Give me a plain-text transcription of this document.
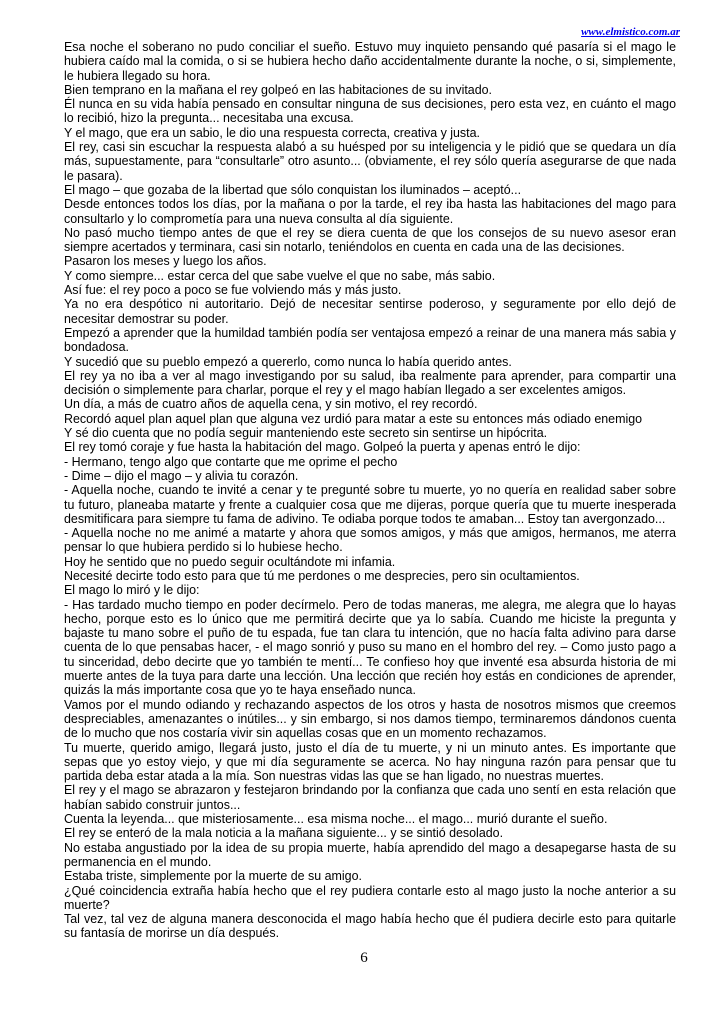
www.elmistico.com.ar

Esa noche el soberano no pudo conciliar el sueño. Estuvo muy inquieto pensando qué pasaría si el mago le hubiera caído mal la comida, o si se hubiera hecho daño accidentalmente durante la noche, o si, simplemente, le hubiera llegado su hora.

Bien temprano en la mañana el rey golpeó en las habitaciones de su invitado.

Él nunca en su vida había pensado en consultar ninguna de sus decisiones, pero esta vez, en cuánto el mago lo recibió, hizo la pregunta... necesitaba una excusa.

Y el mago, que era un sabio, le dio una respuesta correcta, creativa y justa.

El rey, casi sin escuchar la respuesta alabó a su huésped por su inteligencia y le pidió que se quedara un día más, supuestamente, para “consultarle” otro asunto... (obviamente, el rey sólo quería asegurarse de que nada le pasara).

El mago – que gozaba de la libertad que sólo conquistan los iluminados – aceptó...

Desde entonces todos los días, por la mañana o por la tarde, el rey iba hasta las habitaciones del mago para consultarlo y lo comprometía para una nueva consulta al día siguiente.

No pasó mucho tiempo antes de que el rey se diera cuenta de que los consejos de su nuevo asesor eran siempre acertados y terminara, casi sin notarlo, teniéndolos en cuenta en cada una de las decisiones.

Pasaron los meses y luego los años.

Y como siempre... estar cerca del que sabe vuelve el que no sabe, más sabio.

Así fue: el rey poco a poco se fue volviendo más y más justo.

Ya no era despótico ni autoritario. Dejó de necesitar sentirse poderoso, y seguramente por ello dejó de necesitar demostrar su poder.

Empezó a aprender que la humildad también podía ser ventajosa empezó a reinar de una manera más sabia y bondadosa.

Y sucedió que su pueblo empezó a quererlo, como nunca lo había querido antes.

El rey ya no iba a ver al mago investigando por su salud, iba realmente para aprender, para compartir una decisión o simplemente para charlar, porque el rey y el mago habían llegado a ser excelentes amigos.

Un día, a más de cuatro años de aquella cena, y sin motivo, el rey recordó.

Recordó aquel plan aquel plan que alguna vez urdió para matar a este su entonces más odiado enemigo

Y sé dio cuenta que no podía seguir manteniendo este secreto sin sentirse un hipócrita.

El rey tomó coraje y fue hasta la habitación del mago. Golpeó la puerta y apenas entró le dijo:

- Hermano, tengo algo que contarte que me oprime el pecho

- Dime – dijo el mago – y alivia tu corazón.

- Aquella noche, cuando te invité a cenar y te pregunté sobre tu muerte, yo no quería en realidad saber sobre tu futuro, planeaba matarte y frente a cualquier cosa que me dijeras, porque quería que tu muerte inesperada desmitificara para siempre tu fama de adivino. Te odiaba porque todos te amaban... Estoy tan avergonzado...

- Aquella noche no me animé a matarte y ahora que somos amigos, y más que amigos, hermanos, me aterra pensar lo que hubiera perdido si lo hubiese hecho.

Hoy he sentido que no puedo seguir ocultándote mi infamia.

Necesité decirte todo esto para que tú me perdones o me desprecies, pero sin ocultamientos.

El mago lo miró y le dijo:

- Has tardado mucho tiempo en poder decírmelo. Pero de todas maneras, me alegra, me alegra que lo hayas hecho, porque esto es lo único que me permitirá decirte que ya lo sabía. Cuando me hiciste la pregunta y bajaste tu mano sobre el puño de tu espada, fue tan clara tu intención, que no hacía falta adivino para darse cuenta de lo que pensabas hacer, - el mago sonrió y puso su mano en el hombro del rey. – Como justo pago a tu sinceridad, debo decirte que yo también te mentí... Te confieso hoy que inventé esa absurda historia de mi muerte antes de la tuya para darte una lección. Una lección que recién hoy estás en condiciones de aprender, quizás la más importante cosa que yo te haya enseñado nunca.

Vamos por el mundo odiando y rechazando aspectos de los otros y hasta de nosotros mismos que creemos despreciables, amenazantes o inútiles... y sin embargo, si nos damos tiempo, terminaremos dándonos cuenta de lo mucho que nos costaría vivir sin aquellas cosas que en un momento rechazamos.

Tu muerte, querido amigo, llegará justo, justo el día de tu muerte, y ni un minuto antes. Es importante que sepas que yo estoy viejo, y que mi día seguramente se acerca. No hay ninguna razón para pensar que tu partida deba estar atada a la mía. Son nuestras vidas las que se han ligado, no nuestras muertes.

El rey y el mago se abrazaron y festejaron brindando por la confianza que cada uno sentí en esta relación que habían sabido construir juntos...

Cuenta la leyenda... que misteriosamente... esa misma noche... el mago... murió durante el sueño.

El rey se enteró de la mala noticia a la mañana siguiente... y se sintió desolado.

No estaba angustiado por la idea de su propia muerte, había aprendido del mago a desapegarse hasta de su permanencia en el mundo.

Estaba triste, simplemente por la muerte de su amigo.

¿Qué coincidencia extraña había hecho que el rey pudiera contarle esto al mago justo la noche anterior a su muerte?

Tal vez, tal vez de alguna manera desconocida el mago había hecho que él pudiera decirle esto para quitarle su fantasía de morirse un día después.

6
